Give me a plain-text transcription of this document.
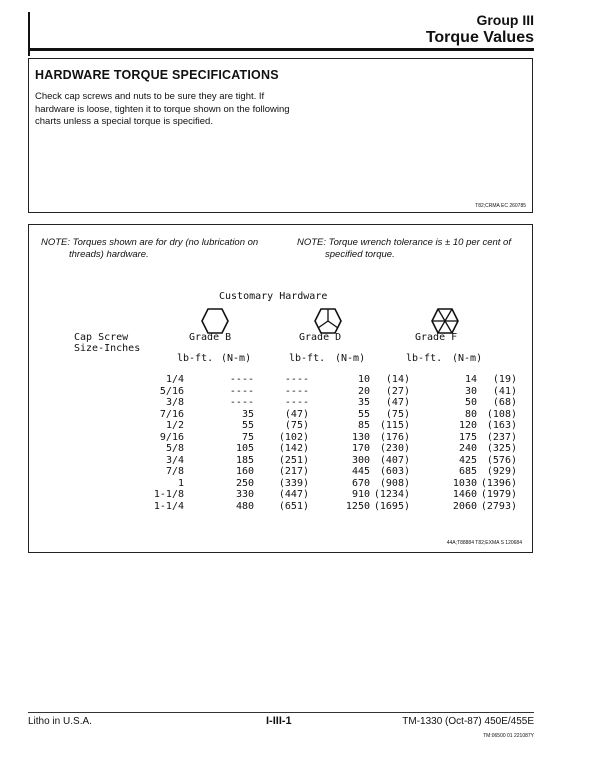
Group III
Torque Values
HARDWARE TORQUE SPECIFICATIONS
Check cap screws and nuts to be sure they are tight. If hardware is loose, tighten it to torque shown on the following charts unless a special torque is specified.
T82;CRMA EC 260785
NOTE: Torques shown are for dry (no lubrication on
threads) hardware.
NOTE: Torque wrench tolerance is ± 10 per cent of
specified torque.
Customary Hardware
Cap Screw
Size-Inches
Grade B	Grade D	Grade F
lb-ft. (N-m)	lb-ft. (N-m)	lb-ft. (N-m)
1/4	----	----	10	(14)	14	(19)
5/16	----	----	20	(27)	30	(41)
3/8	----	----	35	(47)	50	(68)
7/16	35	(47)	55	(75)	80	(108)
1/2	55	(75)	85	(115)	120	(163)
9/16	75	(102)	130	(176)	175	(237)
5/8	105	(142)	170	(230)	240	(325)
3/4	185	(251)	300	(407)	425	(576)
7/8	160	(217)	445	(603)	685	(929)
1	250	(339)	670	(908)	1030	(1396)
1-1/8	330	(447)	910	(1234)	1460	(1979)
1-1/4	480	(651)	1250	(1695)	2060	(2793)
44A;T88884 T82;EXMA S 120684
Litho in U.S.A.	I-III-1	TM-1330 (Oct-87) 450E/455E
TM:06500 01 221087Y
